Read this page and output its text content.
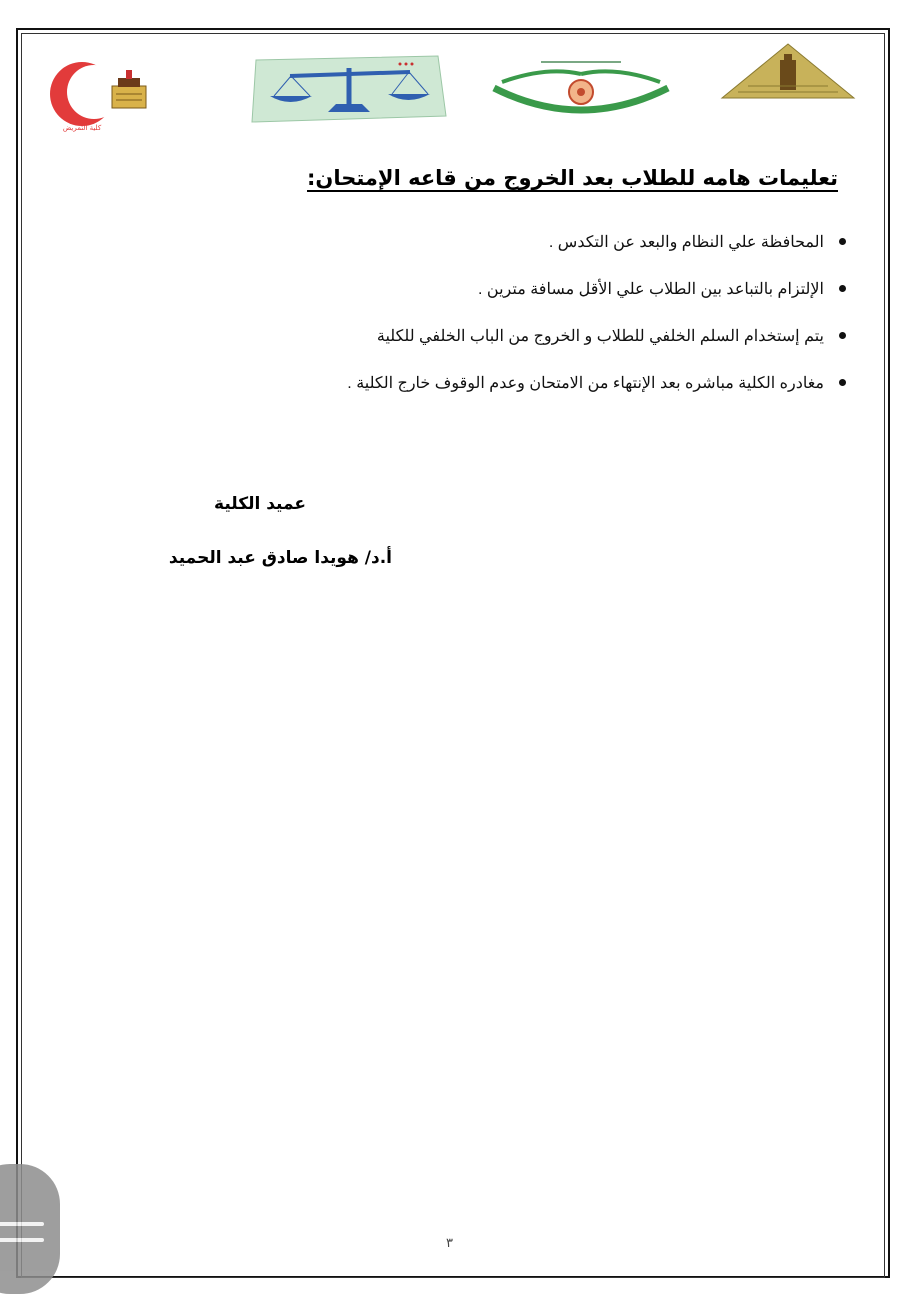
كلية التمريض
تعليمات هامه للطلاب بعد الخروج من قاعه الإمتحان:
المحافظة علي النظام والبعد عن التكدس .
الإلتزام بالتباعد بين الطلاب علي الأقل مسافة مترين .
يتم إستخدام السلم الخلفي للطلاب و الخروج من الباب الخلفي للكلية
مغادره الكلية مباشره بعد الإنتهاء من الامتحان وعدم الوقوف خارج الكلية .
عميد الكلية
أ.د/ هويدا صادق عبد الحميد
٣
